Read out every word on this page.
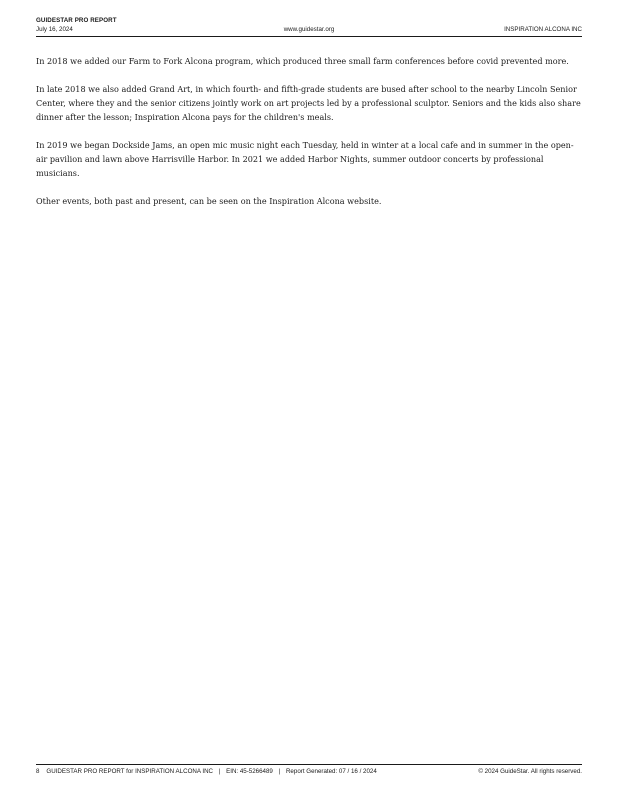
GUIDESTAR PRO REPORT
July 16, 2024	www.guidestar.org	INSPIRATION ALCONA INC

In 2018 we added our Farm to Fork Alcona program, which produced three small farm conferences before covid prevented more.

In late 2018 we also added Grand Art, in which fourth- and fifth-grade students are bused after school to the nearby Lincoln Senior Center, where they and the senior citizens jointly work on art projects led by a professional sculptor. Seniors and the kids also share dinner after the lesson; Inspiration Alcona pays for the children's meals.

In 2019 we began Dockside Jams, an open mic music night each Tuesday, held in winter at a local cafe and in summer in the open-air pavilion and lawn above Harrisville Harbor. In 2021 we added Harbor Nights, summer outdoor concerts by professional musicians.

Other events, both past and present, can be seen on the Inspiration Alcona website.

8 GUIDESTAR PRO REPORT for INSPIRATION ALCONA INC | EIN: 45-5266489 | Report Generated: 07 / 16 / 2024	© 2024 GuideStar. All rights reserved.
